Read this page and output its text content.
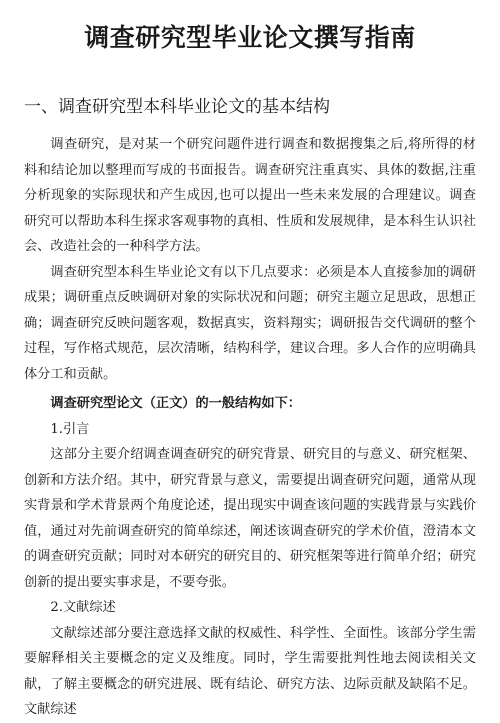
调查研究型毕业论文撰写指南
一、调查研究型本科毕业论文的基本结构

调查研究，是对某一个研究问题件进行调查和数据搜集之后,将所得的材料和结论加以整理而写成的书面报告。调查研究注重真实、具体的数据,注重分析现象的实际现状和产生成因,也可以提出一些未来发展的合理建议。调查研究可以帮助本科生探求客观事物的真相、性质和发展规律，是本科生认识社会、改造社会的一种科学方法。

调查研究型本科生毕业论文有以下几点要求：必须是本人直接参加的调研成果；调研重点反映调研对象的实际状况和问题；研究主题立足思政，思想正确；调查研究反映问题客观，数据真实，资料翔实；调研报告交代调研的整个过程，写作格式规范，层次清晰，结构科学，建议合理。多人合作的应明确具体分工和贡献。

调查研究型论文（正文）的一般结构如下：

1.引言

这部分主要介绍调查调查研究的研究背景、研究目的与意义、研究框架、创新和方法介绍。其中，研究背景与意义，需要提出调查研究问题，通常从现实背景和学术背景两个角度论述，提出现实中调查该问题的实践背景与实践价值，通过对先前调查研究的简单综述，阐述该调查研究的学术价值，澄清本文的调查研究贡献；同时对本研究的研究目的、研究框架等进行简单介绍；研究创新的提出要实事求是，不要夸张。

2.文献综述

文献综述部分要注意选择文献的权威性、科学性、全面性。该部分学生需要解释相关主要概念的定义及维度。同时，学生需要批判性地去阅读相关文献，了解主要概念的研究进展、既有结论、研究方法、边际贡献及缺陷不足。文献综述
